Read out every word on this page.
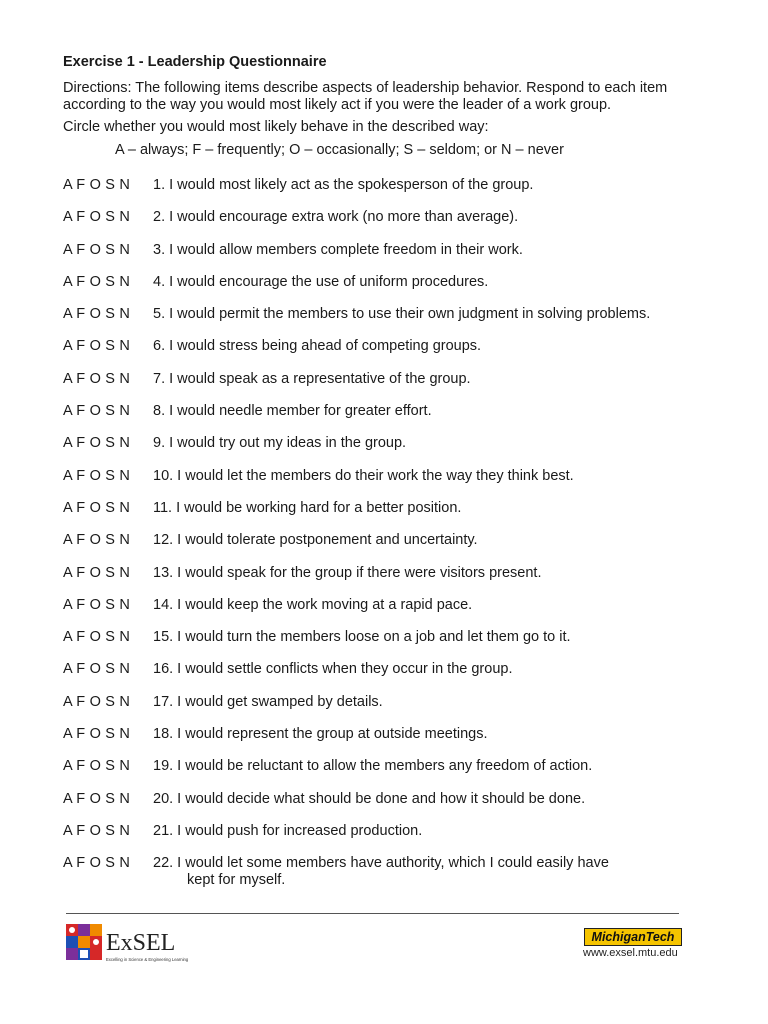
Exercise 1 - Leadership Questionnaire
Directions: The following items describe aspects of leadership behavior. Respond to each item
according to the way you would most likely act if you were the leader of a work group.
Circle whether you would most likely behave in the described way:
A – always; F – frequently; O – occasionally; S – seldom; or N – never
A F O S N	1. I would most likely act as the spokesperson of the group.
A F O S N	2. I would encourage extra work (no more than average).
A F O S N	3. I would allow members complete freedom in their work.
A F O S N	4. I would encourage the use of uniform procedures.
A F O S N	5. I would permit the members to use their own judgment in solving problems.
A F O S N	6. I would stress being ahead of competing groups.
A F O S N	7. I would speak as a representative of the group.
A F O S N	8. I would needle member for greater effort.
A F O S N	9. I would try out my ideas in the group.
A F O S N	10. I would let the members do their work the way they think best.
A F O S N	11. I would be working hard for a better position.
A F O S N	12. I would tolerate postponement and uncertainty.
A F O S N	13. I would speak for the group if there were visitors present.
A F O S N	14. I would keep the work moving at a rapid pace.
A F O S N	15. I would turn the members loose on a job and let them go to it.
A F O S N	16. I would settle conflicts when they occur in the group.
A F O S N	17. I would get swamped by details.
A F O S N	18. I would represent the group at outside meetings.
A F O S N	19. I would be reluctant to allow the members any freedom of action.
A F O S N	20. I would decide what should be done and how it should be done.
A F O S N	21. I would push for increased production.
A F O S N	22. I would let some members have authority, which I could easily have
kept for myself.
ExSEL
Excelling in Science & Engineering Learning
MichiganTech
www.exsel.mtu.edu
